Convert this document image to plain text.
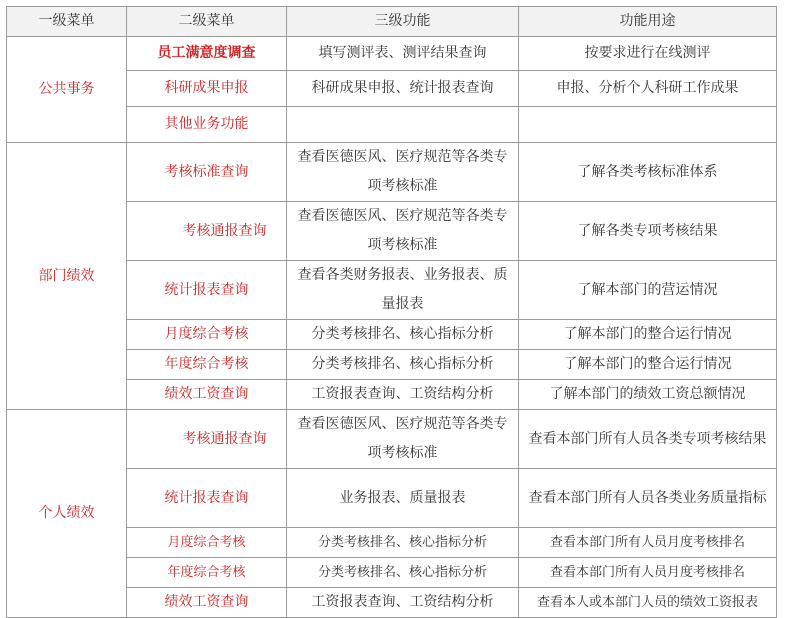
一级菜单	二级菜单	三级功能	功能用途
公共事务	员工满意度调查	填写测评表、测评结果查询	按要求进行在线测评
	科研成果申报	科研成果申报、统计报表查询	申报、分析个人科研工作成果
	其他业务功能		
部门绩效	考核标准查询	查看医德医风、医疗规范等各类专项考核标准	了解各类考核标准体系
	考核通报查询	查看医德医风、医疗规范等各类专项考核标准	了解各类专项考核结果
	统计报表查询	查看各类财务报表、业务报表、质量报表	了解本部门的营运情况
	月度综合考核	分类考核排名、核心指标分析	了解本部门的整合运行情况
	年度综合考核	分类考核排名、核心指标分析	了解本部门的整合运行情况
	绩效工资查询	工资报表查询、工资结构分析	了解本部门的绩效工资总额情况
个人绩效	考核通报查询	查看医德医风、医疗规范等各类专项考核标准	查看本部门所有人员各类专项考核结果
	统计报表查询	业务报表、质量报表	查看本部门所有人员各类业务质量指标
	月度综合考核	分类考核排名、核心指标分析	查看本部门所有人员月度考核排名
	年度综合考核	分类考核排名、核心指标分析	查看本部门所有人员月度考核排名
	绩效工资查询	工资报表查询、工资结构分析	查看本人或本部门人员的绩效工资报表
